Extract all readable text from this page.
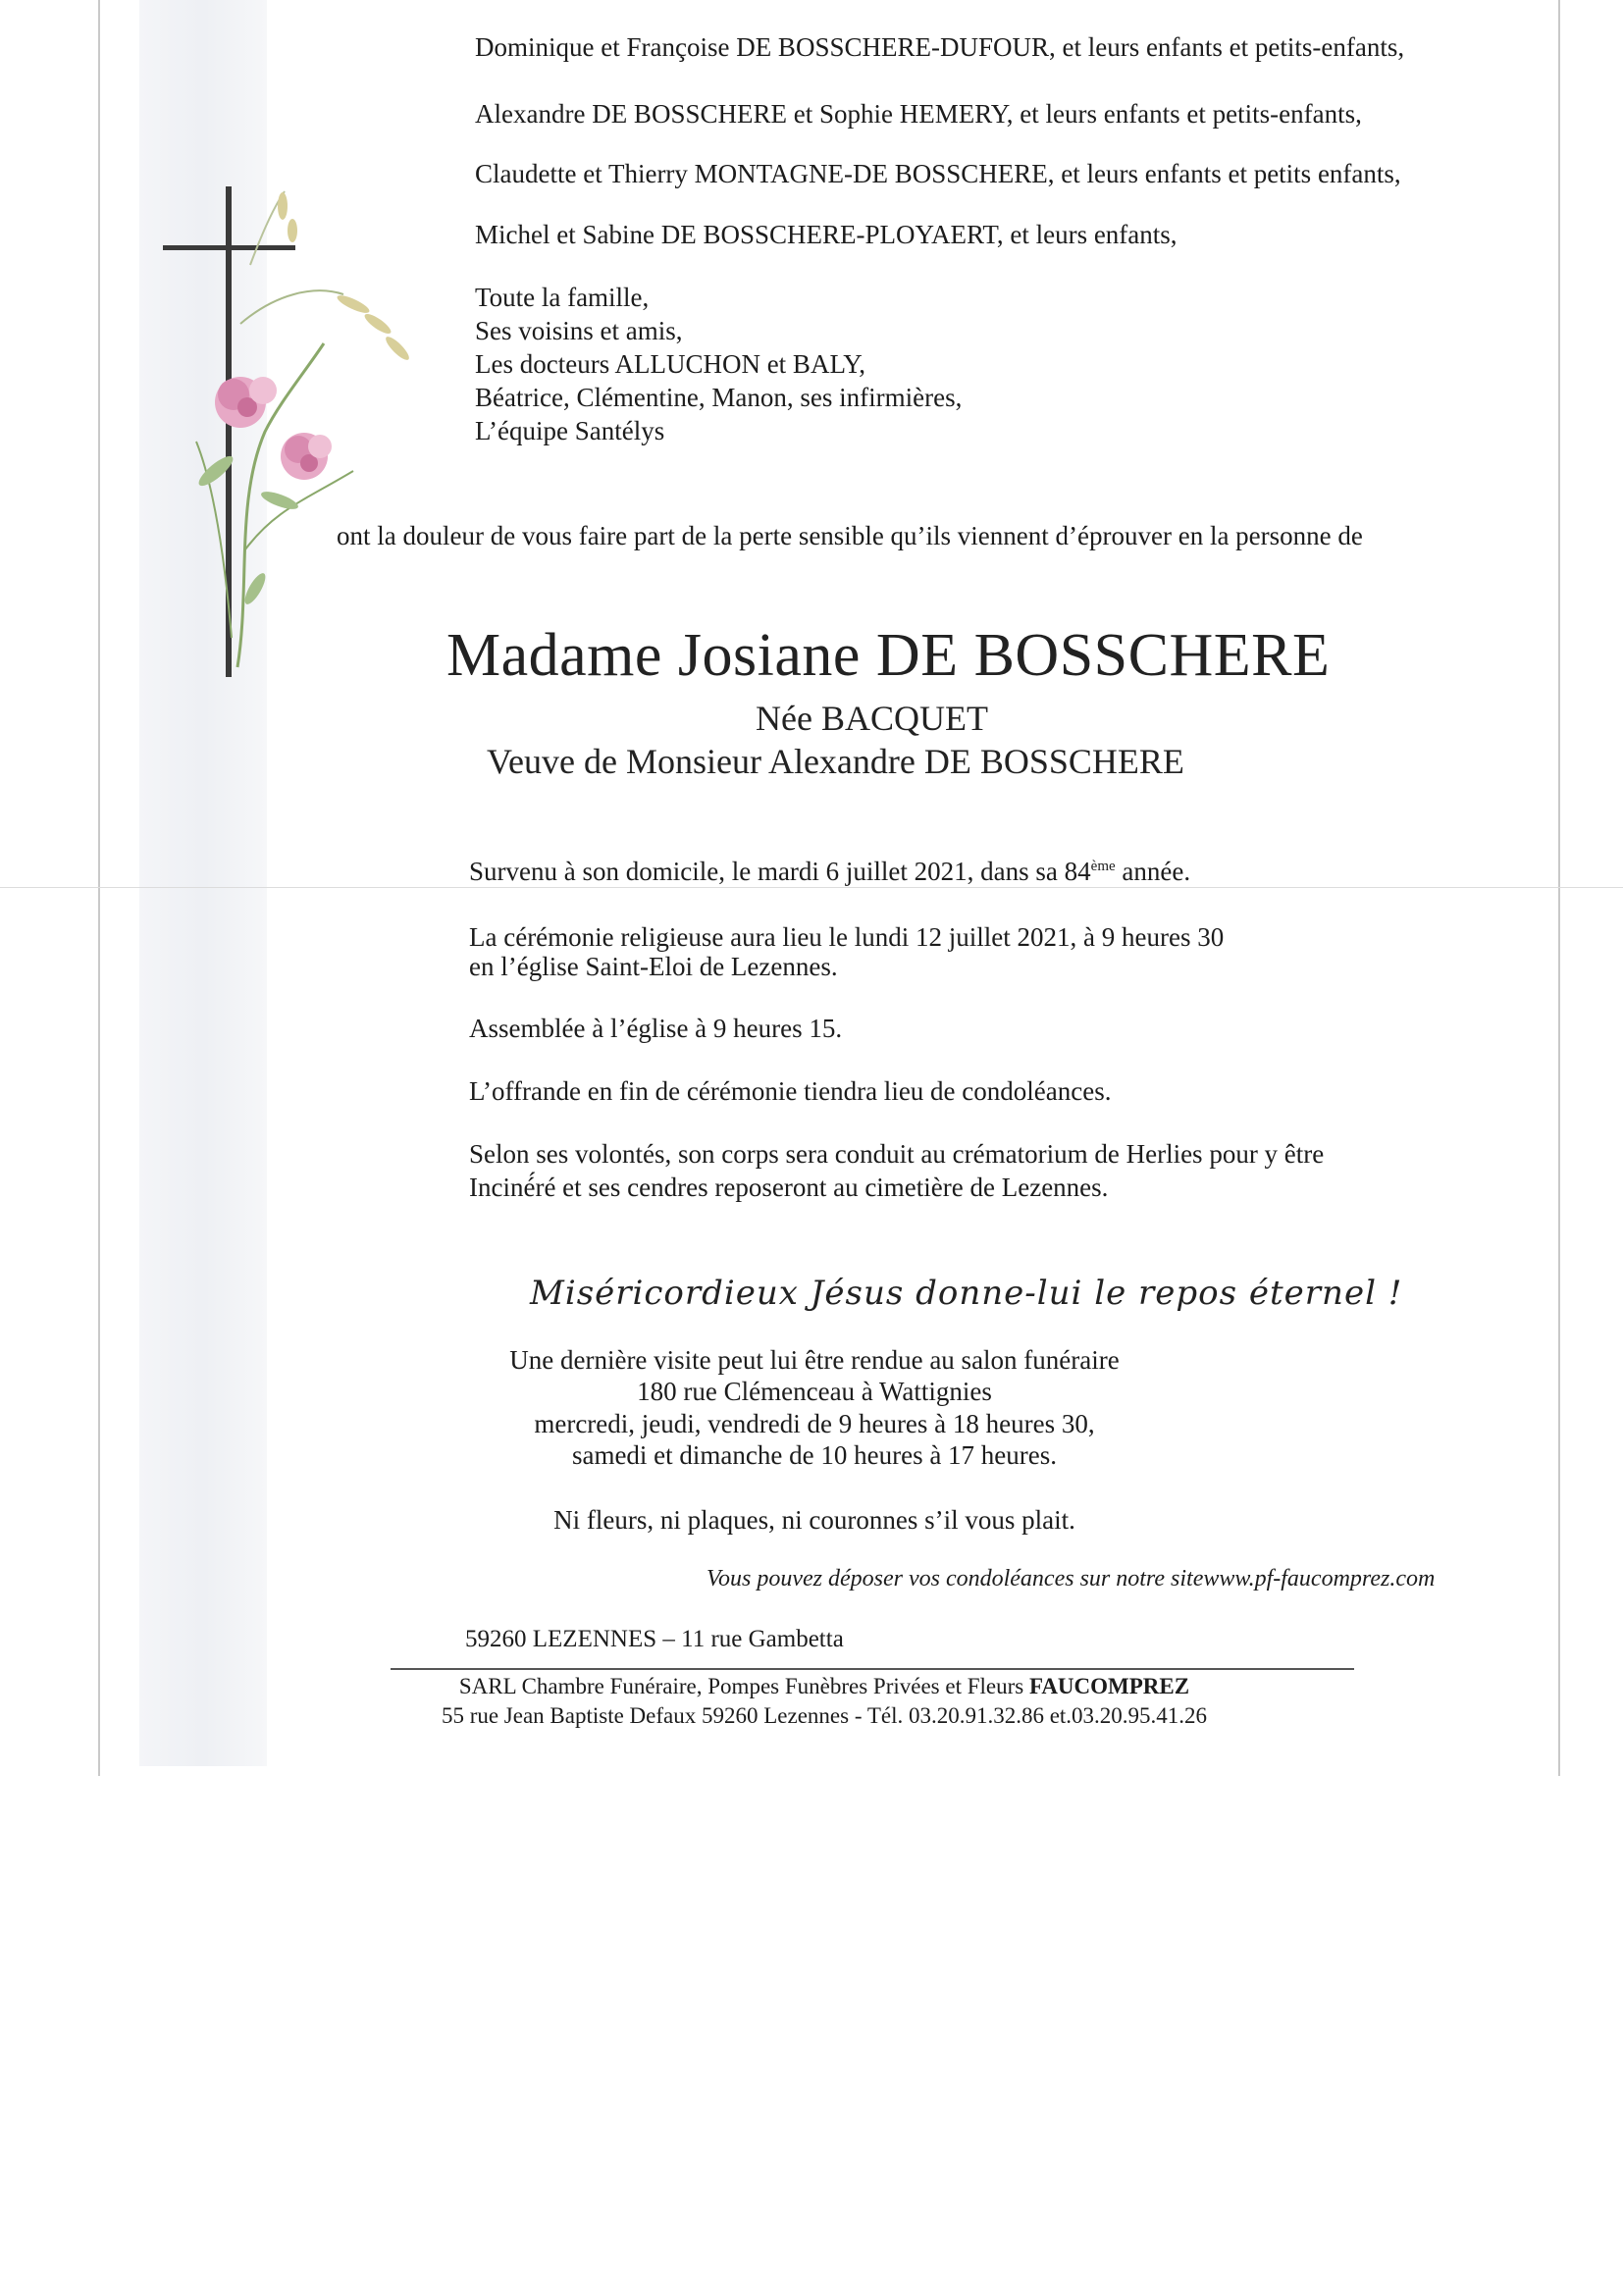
Dominique et Françoise DE BOSSCHERE-DUFOUR, et leurs enfants et petits-enfants,
Alexandre DE BOSSCHERE et Sophie HEMERY, et leurs enfants et petits-enfants,
Claudette et Thierry MONTAGNE-DE BOSSCHERE, et leurs enfants et petits enfants,
Michel et Sabine DE BOSSCHERE-PLOYAERT, et leurs enfants,
Toute la famille,
Ses voisins et amis,
Les docteurs ALLUCHON et BALY,
Béatrice, Clémentine, Manon, ses infirmières,
L’équipe Santélys
ont la douleur de vous faire part de la perte sensible qu’ils viennent d’éprouver en la personne de
Madame Josiane DE BOSSCHERE
Née BACQUET
Veuve de Monsieur Alexandre DE BOSSCHERE
Survenu à son domicile, le mardi 6 juillet 2021, dans sa 84ème année.
La cérémonie religieuse aura lieu le lundi 12 juillet 2021, à 9 heures 30
en l’église Saint-Eloi de Lezennes.
Assemblée à l’église à 9 heures 15.
L’offrande en fin de cérémonie tiendra lieu de condoléances.
Selon ses volontés, son corps sera conduit au crématorium de Herlies pour y être
Inciné́ré et ses cendres reposeront au cimetière de Lezennes.
Miséricordieux Jésus donne-lui le repos éternel !
Une dernière visite peut lui être rendue au salon funéraire
180 rue Clémenceau à Wattignies
mercredi, jeudi, vendredi de 9 heures à 18 heures 30,
samedi et dimanche de 10 heures à 17 heures.
Ni fleurs, ni plaques, ni couronnes s’il vous plait.
Vous pouvez déposer vos condoléances sur notre sitewww.pf-faucomprez.com
59260 LEZENNES – 11 rue Gambetta
SARL Chambre Funéraire, Pompes Funèbres Privées et Fleurs FAUCOMPREZ
55 rue Jean Baptiste Defaux 59260 Lezennes - Tél. 03.20.91.32.86 et.03.20.95.41.26
